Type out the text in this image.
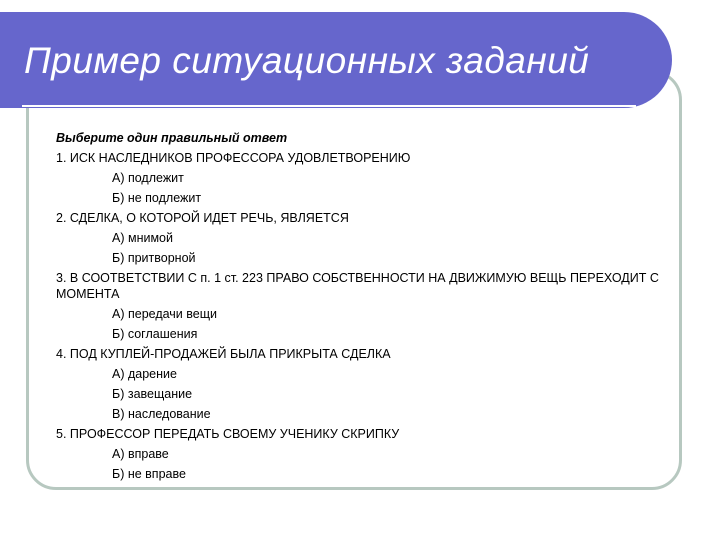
Пример ситуационных заданий
Выберите один правильный ответ
1. ИСК НАСЛЕДНИКОВ ПРОФЕССОРА УДОВЛЕТВОРЕНИЮ
А) подлежит
Б) не подлежит
2. СДЕЛКА, О КОТОРОЙ ИДЕТ РЕЧЬ, ЯВЛЯЕТСЯ
А) мнимой
Б) притворной
3. В СООТВЕТСТВИИ С п. 1 ст. 223 ПРАВО СОБСТВЕННОСТИ НА ДВИЖИМУЮ ВЕЩЬ ПЕРЕХОДИТ С МОМЕНТА
А) передачи вещи
Б) соглашения
4. ПОД КУПЛЕЙ-ПРОДАЖЕЙ БЫЛА ПРИКРЫТА СДЕЛКА
А) дарение
Б) завещание
В) наследование
5. ПРОФЕССОР ПЕРЕДАТЬ СВОЕМУ УЧЕНИКУ СКРИПКУ
А) вправе
Б) не вправе
